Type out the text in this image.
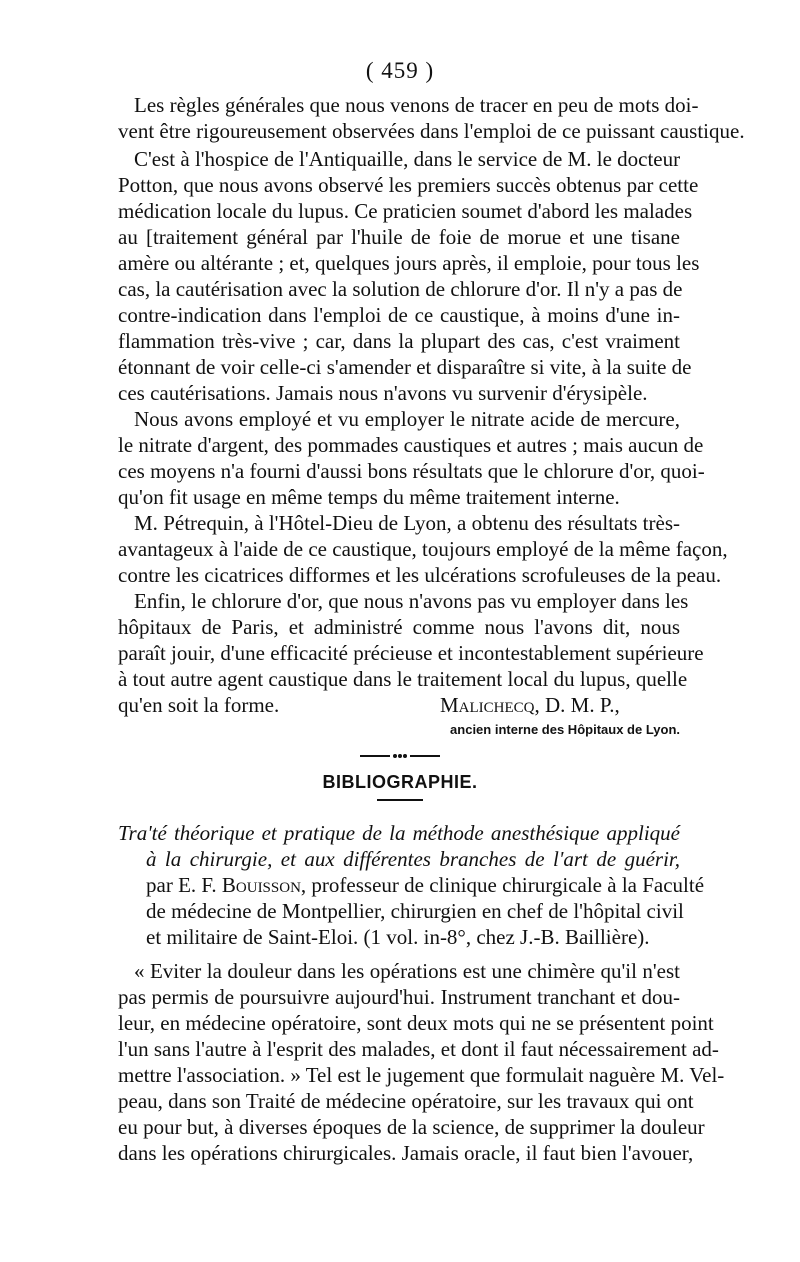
( 459 )

Les règles générales que nous venons de tracer en peu de mots doi-

vent être rigoureusement observées dans l'emploi de ce puissant caustique.

C'est à l'hospice de l'Antiquaille, dans le service de M. le docteur

Potton, que nous avons observé les premiers succès obtenus par cette

médication locale du lupus. Ce praticien soumet d'abord les malades

au [traitement général par l'huile de foie de morue et une tisane

amère ou altérante ; et, quelques jours après, il emploie, pour tous les

cas, la cautérisation avec la solution de chlorure d'or. Il n'y a pas de

contre-indication dans l'emploi de ce caustique, à moins d'une in-

flammation très-vive ; car, dans la plupart des cas, c'est vraiment

étonnant de voir celle-ci s'amender et disparaître si vite, à la suite de

ces cautérisations. Jamais nous n'avons vu survenir d'érysipèle.

Nous avons employé et vu employer le nitrate acide de mercure,

le nitrate d'argent, des pommades caustiques et autres ; mais aucun de

ces moyens n'a fourni d'aussi bons résultats que le chlorure d'or, quoi-

qu'on fit usage en même temps du même traitement interne.

M. Pétrequin, à l'Hôtel-Dieu de Lyon, a obtenu des résultats très-

avantageux à l'aide de ce caustique, toujours employé de la même façon,

contre les cicatrices difformes et les ulcérations scrofuleuses de la peau.

Enfin, le chlorure d'or, que nous n'avons pas vu employer dans les

hôpitaux de Paris, et administré comme nous l'avons dit, nous

paraît jouir, d'une efficacité précieuse et incontestablement supérieure

à tout autre agent caustique dans le traitement local du lupus, quelle

qu'en soit la forme.	Malichecq, D. M. P.,
ancien interne des Hôpitaux de Lyon.
BIBLIOGRAPHIE.

Tra'té théorique et pratique de la méthode anesthésique appliqué

à la chirurgie, et aux différentes branches de l'art de guérir,

par E. F. Bouisson, professeur de clinique chirurgicale à la Faculté

de médecine de Montpellier, chirurgien en chef de l'hôpital civil

et militaire de Saint-Eloi. (1 vol. in-8°, chez J.-B. Baillière).

« Eviter la douleur dans les opérations est une chimère qu'il n'est

pas permis de poursuivre aujourd'hui. Instrument tranchant et dou-

leur, en médecine opératoire, sont deux mots qui ne se présentent point

l'un sans l'autre à l'esprit des malades, et dont il faut nécessairement ad-

mettre l'association. » Tel est le jugement que formulait naguère M. Vel-

peau, dans son Traité de médecine opératoire, sur les travaux qui ont

eu pour but, à diverses époques de la science, de supprimer la douleur

dans les opérations chirurgicales. Jamais oracle, il faut bien l'avouer,
